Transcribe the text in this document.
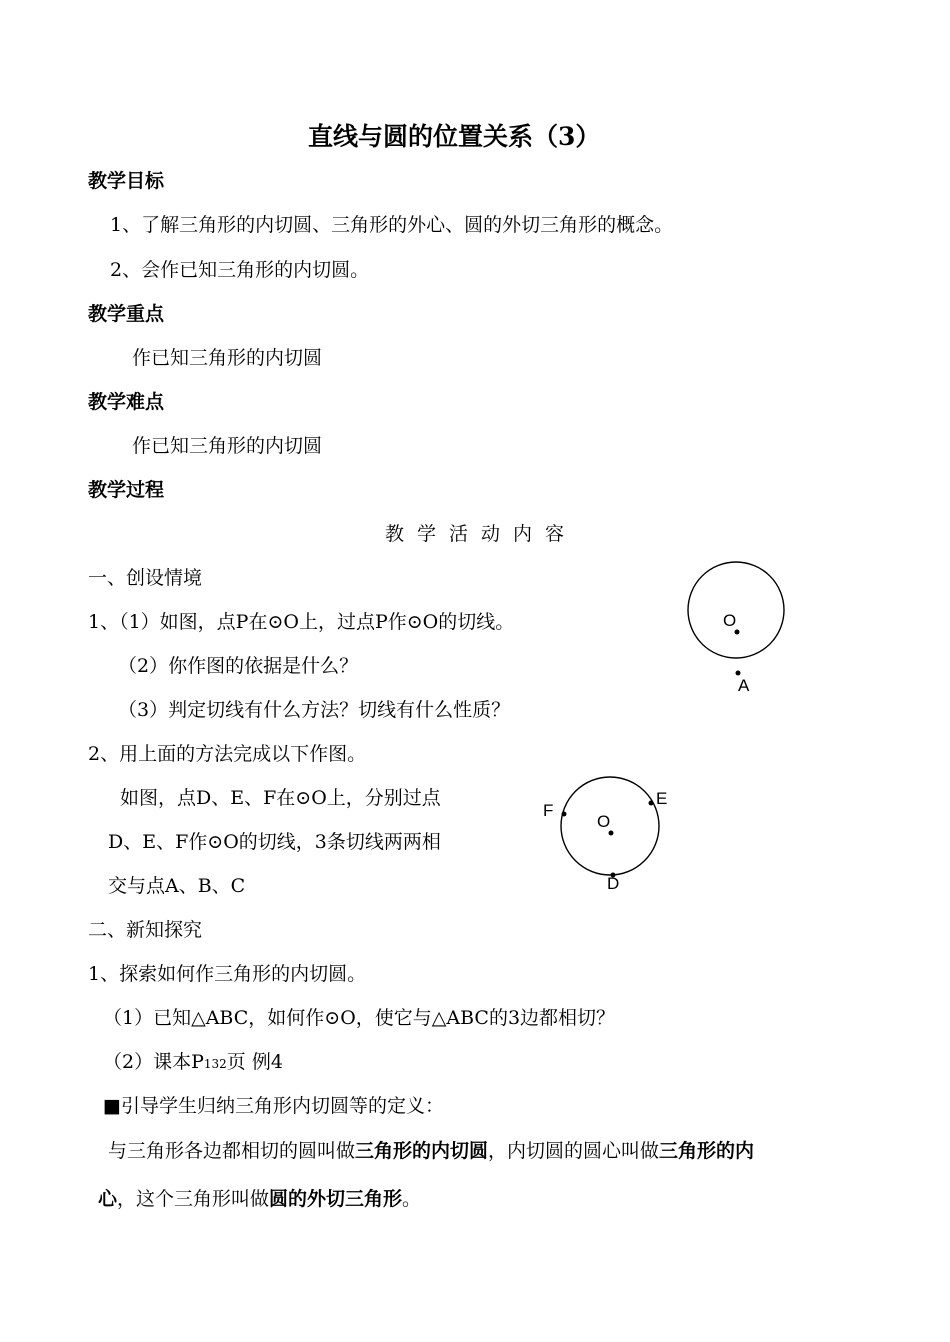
直线与圆的位置关系（3）
教学目标
1、了解三角形的内切圆、三角形的外心、圆的外切三角形的概念。
2、会作已知三角形的内切圆。
教学重点
作已知三角形的内切圆
教学难点
作已知三角形的内切圆
教学过程
教学活动内容
一、创设情境
1、（1）如图，点P在⊙O上，过点P作⊙O的切线。
（2）你作图的依据是什么？
（3）判定切线有什么方法？切线有什么性质？
2、用上面的方法完成以下作图。
如图，点D、E、F在⊙O上，分别过点
D、E、F作⊙O的切线，3条切线两两相
交与点A、B、C
O
A
O
E
F
D
二、新知探究
1、探索如何作三角形的内切圆。
（1）已知△ABC，如何作⊙O，使它与△ABC的3边都相切？
（2）课本P132页 例4
■引导学生归纳三角形内切圆等的定义：
与三角形各边都相切的圆叫做三角形的内切圆，内切圆的圆心叫做三角形的内
心，这个三角形叫做圆的外切三角形。
